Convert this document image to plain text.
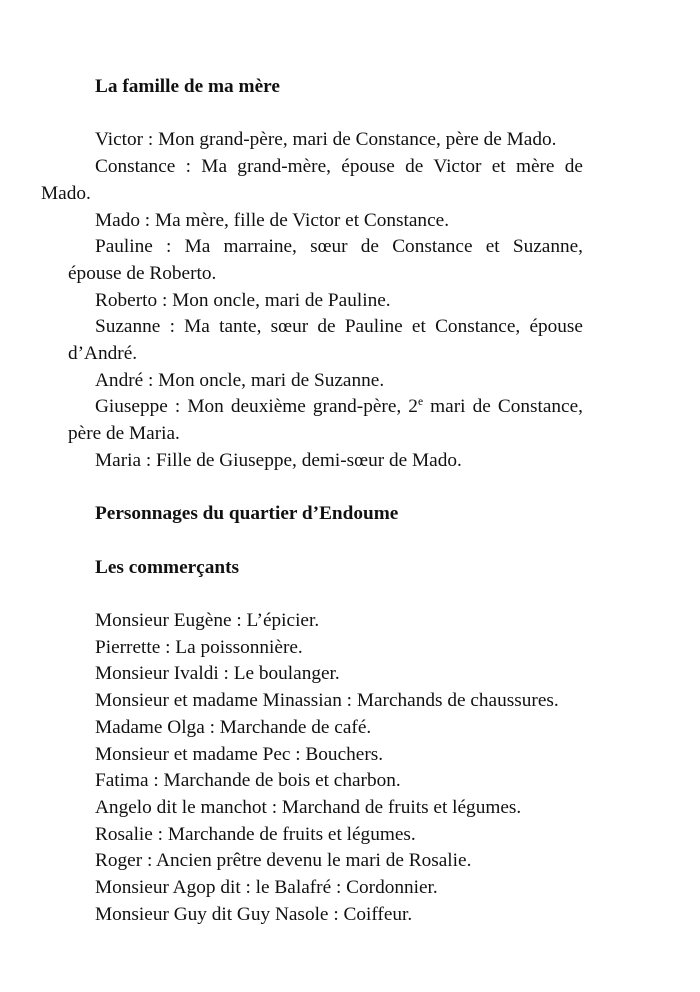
La famille de ma mère

Victor : Mon grand-père, mari de Constance, père de Mado.

Constance : Ma grand-mère, épouse de Victor et mère de
Mado.

Mado : Ma mère, fille de Victor et Constance.

Pauline : Ma marraine, sœur de Constance et Suzanne,
épouse de Roberto.

Roberto : Mon oncle, mari de Pauline.

Suzanne : Ma tante, sœur de Pauline et Constance, épouse
d’André.

André : Mon oncle, mari de Suzanne.

Giuseppe : Mon deuxième grand-père, 2e mari de Constance,
père de Maria.

Maria : Fille de Giuseppe, demi-sœur de Mado.

Personnages du quartier d’Endoume

Les commerçants

Monsieur Eugène : L’épicier.

Pierrette : La poissonnière.

Monsieur Ivaldi : Le boulanger.

Monsieur et madame Minassian : Marchands de chaussures.

Madame Olga : Marchande de café.

Monsieur et madame Pec : Bouchers.

Fatima : Marchande de bois et charbon.

Angelo dit le manchot : Marchand de fruits et légumes.

Rosalie : Marchande de fruits et légumes.

Roger : Ancien prêtre devenu le mari de Rosalie.

Monsieur Agop dit : le Balafré : Cordonnier.

Monsieur Guy dit Guy Nasole : Coiffeur.
